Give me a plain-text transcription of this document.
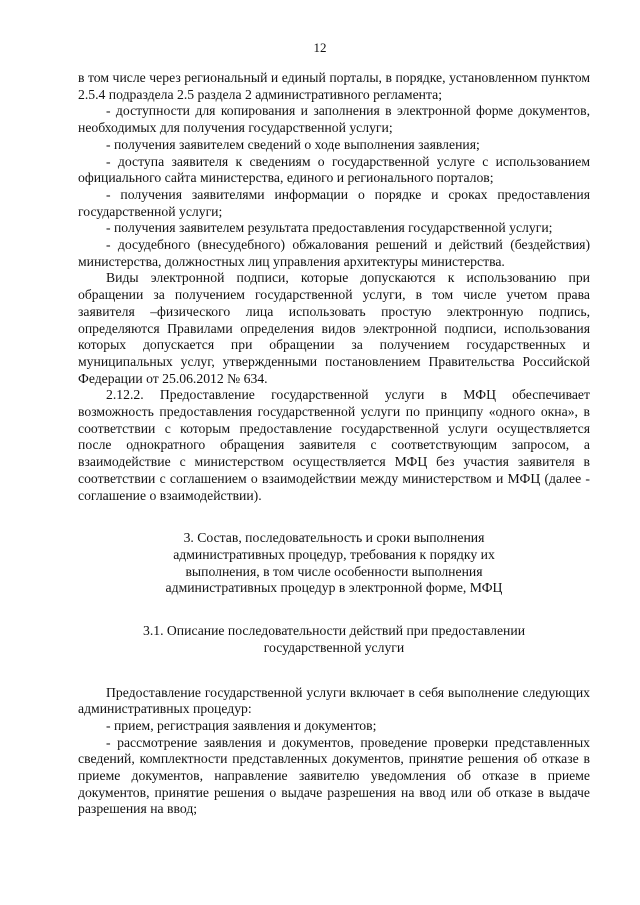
12

в том числе через региональный и единый порталы, в порядке, установленном пунктом 2.5.4 подраздела 2.5 раздела 2 административного регламента;

- доступности для копирования и заполнения в электронной форме документов, необходимых для получения государственной услуги;

- получения заявителем сведений о ходе выполнения заявления;

- доступа заявителя к сведениям о государственной услуге с использованием официального сайта министерства, единого и регионального порталов;

- получения заявителями информации о порядке и сроках предоставления государственной услуги;

- получения заявителем результата предоставления государственной услуги;

- досудебного (внесудебного) обжалования решений и действий (бездействия) министерства, должностных лиц управления архитектуры министерства.

Виды электронной подписи, которые допускаются к использованию при обращении за получением государственной услуги, в том числе учетом права заявителя –физического лица использовать простую электронную подпись, определяются Правилами определения видов электронной подписи, использования которых допускается при обращении за получением государственных и муниципальных услуг, утвержденными постановлением Правительства Российской Федерации от 25.06.2012 № 634.

2.12.2. Предоставление государственной услуги в МФЦ обеспечивает возможность предоставления государственной услуги по принципу «одного окна», в соответствии с которым предоставление государственной услуги осуществляется после однократного обращения заявителя с соответствующим запросом, а взаимодействие с министерством осуществляется МФЦ без участия заявителя в соответствии с соглашением о взаимодействии между министерством и МФЦ (далее - соглашение о взаимодействии).

3. Состав, последовательность и сроки выполнения

административных процедур, требования к порядку их

выполнения, в том числе особенности выполнения

административных процедур в электронной форме, МФЦ

3.1. Описание последовательности действий при предоставлении

государственной услуги

Предоставление государственной услуги включает в себя выполнение следующих административных процедур:

- прием, регистрация заявления и документов;

- рассмотрение заявления и документов, проведение проверки представленных сведений, комплектности представленных документов, принятие решения об отказе в приеме документов, направление заявителю уведомления об отказе в приеме документов, принятие решения о выдаче разрешения на ввод или об отказе в выдаче разрешения на ввод;
